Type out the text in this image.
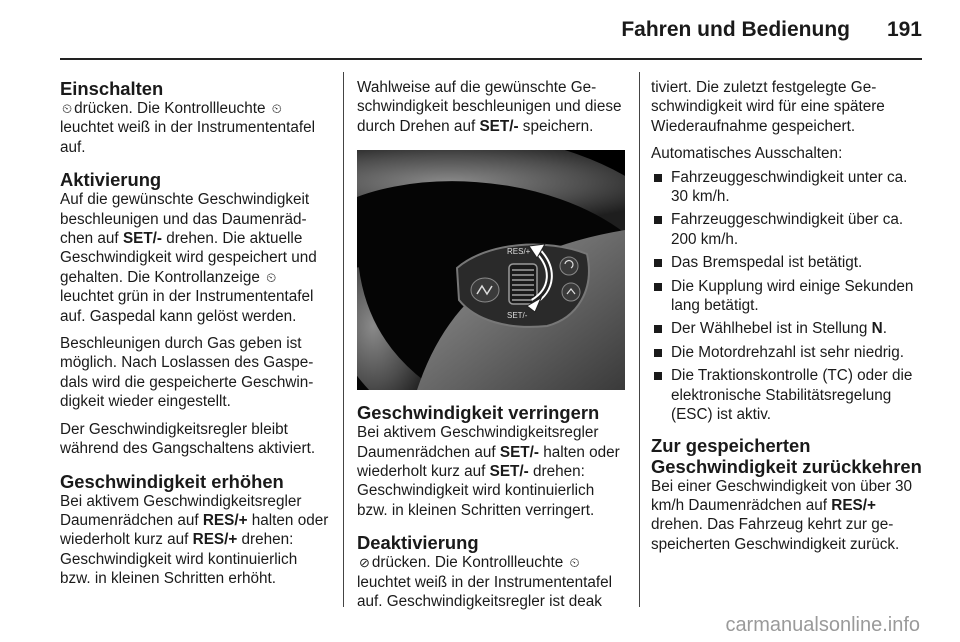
Fahren und Bedienung 191
Einschalten

⏲ drücken. Die Kontrollleuchte ⏲ leuchtet weiß in der Instrumententafel auf.

Aktivierung

Auf die gewünschte Geschwindigkeit beschleunigen und das Daumenrädchen auf SET/- drehen. Die aktuelle Geschwindigkeit wird gespeichert und gehalten. Die Kontrollanzeige ⏲ leuchtet grün in der Instrumententafel auf. Gaspedal kann gelöst werden.

Beschleunigen durch Gas geben ist möglich. Nach Loslassen des Gaspedals wird die gespeicherte Geschwindigkeit wieder eingestellt.

Der Geschwindigkeitsregler bleibt während des Gangschaltens aktiviert.

Geschwindigkeit erhöhen

Bei aktivem Geschwindigkeitsregler Daumenrädchen auf RES/+ halten oder wiederholt kurz auf RES/+ drehen: Geschwindigkeit wird kontinuierlich bzw. in kleinen Schritten erhöht.

Wahlweise auf die gewünschte Geschwindigkeit beschleunigen und diese durch Drehen auf SET/- speichern.

RES/+
SET/-
Geschwindigkeit verringern

Bei aktivem Geschwindigkeitsregler Daumenrädchen auf SET/- halten oder wiederholt kurz auf SET/- drehen: Geschwindigkeit wird kontinuierlich bzw. in kleinen Schritten verringert.

Deaktivierung

⊘ drücken. Die Kontrollleuchte ⏲ leuchtet weiß in der Instrumententafel auf. Geschwindigkeitsregler ist deak

tiviert. Die zuletzt festgelegte Geschwindigkeit wird für eine spätere Wiederaufnahme gespeichert.

Automatisches Ausschalten:

Fahrzeuggeschwindigkeit unter ca. 30 km/h.
Fahrzeuggeschwindigkeit über ca. 200 km/h.
Das Bremspedal ist betätigt.
Die Kupplung wird einige Sekunden lang betätigt.
Der Wählhebel ist in Stellung N.
Die Motordrehzahl ist sehr niedrig.
Die Traktionskontrolle (TC) oder die elektronische Stabilitätsregelung (ESC) ist aktiv.
Zur gespeicherten Geschwindigkeit zurückkehren

Bei einer Geschwindigkeit von über 30 km/h Daumenrädchen auf RES/+ drehen. Das Fahrzeug kehrt zur gespeicherten Geschwindigkeit zurück.

carmanualsonline.info
